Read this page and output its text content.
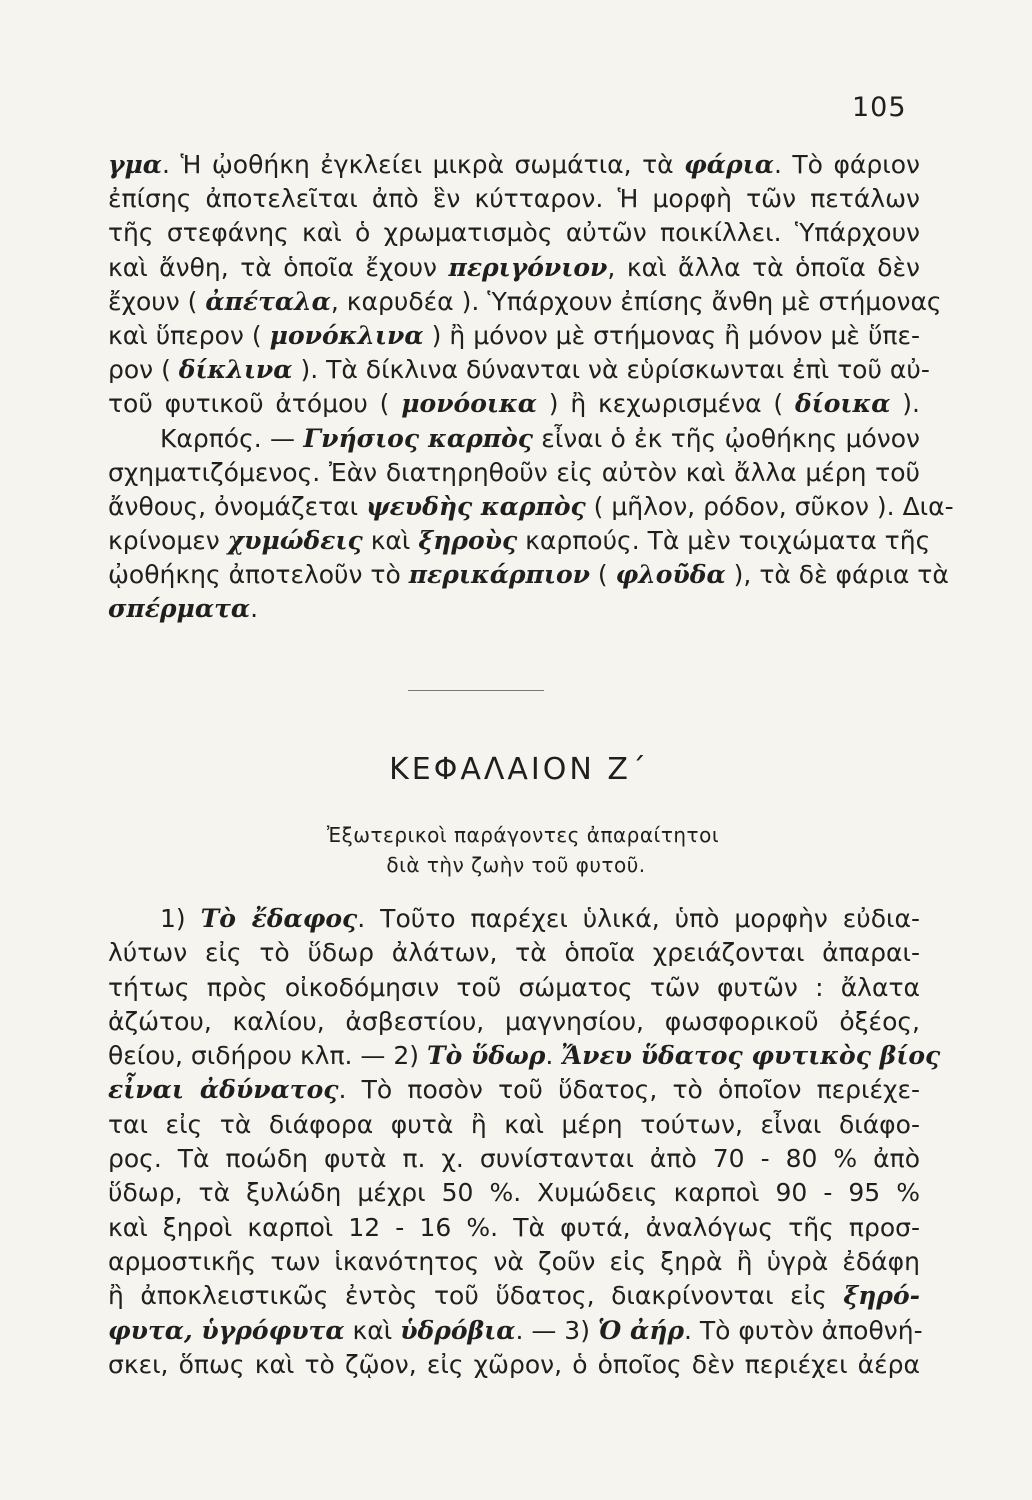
105
γμα. Ἡ ᾠοθήκη ἐγκλείει μικρὰ σωμάτια, τὰ φάρια. Τὸ φάριον
ἐπίσης ἀποτελεῖται ἀπὸ ἓν κύτταρον. Ἡ μορφὴ τῶν πετάλων
τῆς στεφάνης καὶ ὁ χρωματισμὸς αὐτῶν ποικίλλει. Ὑπάρχουν
καὶ ἄνθη, τὰ ὁποῖα ἔχουν περιγόνιον, καὶ ἄλλα τὰ ὁποῖα δὲν
ἔχουν ( ἀπέταλα, καρυδέα ). Ὑπάρχουν ἐπίσης ἄνθη μὲ στήμονας
καὶ ὕπερον ( μονόκλινα ) ἢ μόνον μὲ στήμονας ἢ μόνον μὲ ὕπε-
ρον ( δίκλινα ). Τὰ δίκλινα δύνανται νὰ εὑρίσκωνται ἐπὶ τοῦ αὐ-
τοῦ φυτικοῦ ἀτόμου ( μονόοικα ) ἢ κεχωρισμένα ( δίοικα ).
Καρπός. — Γνήσιος καρπὸς εἶναι ὁ ἐκ τῆς ᾠοθήκης μόνον
σχηματιζόμενος. Ἐὰν διατηρηθοῦν εἰς αὐτὸν καὶ ἄλλα μέρη τοῦ
ἄνθους, ὀνομάζεται ψευδὴς καρπὸς ( μῆλον, ρόδον, σῦκον ). Δια-
κρίνομεν χυμώδεις καὶ ξηροὺς καρπούς. Τὰ μὲν τοιχώματα τῆς
ᾠοθήκης ἀποτελοῦν τὸ περικάρπιον ( φλοῦδα ), τὰ δὲ φάρια τὰ
σπέρματα.
ΚΕΦΑΛΑΙΟΝ Ζ΄
Ἐξωτερικοὶ παράγοντες ἀπαραίτητοι
διὰ τὴν ζωὴν τοῦ φυτοῦ.
1) Τὸ ἔδαφος. Τοῦτο παρέχει ὑλικά, ὑπὸ μορφὴν εὐδια-
λύτων εἰς τὸ ὕδωρ ἀλάτων, τὰ ὁποῖα χρειάζονται ἀπαραι-
τήτως πρὸς οἰκοδόμησιν τοῦ σώματος τῶν φυτῶν : ἄλατα
ἀζώτου, καλίου, ἀσβεστίου, μαγνησίου, φωσφορικοῦ ὀξέος,
θείου, σιδήρου κλπ. — 2) Τὸ ὕδωρ. Ἄνευ ὕδατος φυτικὸς βίος
εἶναι ἀδύνατος. Τὸ ποσὸν τοῦ ὕδατος, τὸ ὁποῖον περιέχε-
ται εἰς τὰ διάφορα φυτὰ ἢ καὶ μέρη τούτων, εἶναι διάφο-
ρος. Τὰ ποώδη φυτὰ π. χ. συνίστανται ἀπὸ 70 - 80 % ἀπὸ
ὕδωρ, τὰ ξυλώδη μέχρι 50 %. Χυμώδεις καρποὶ 90 - 95 %
καὶ ξηροὶ καρποὶ 12 - 16 %. Τὰ φυτά, ἀναλόγως τῆς προσ-
αρμοστικῆς των ἱκανότητος νὰ ζοῦν εἰς ξηρὰ ἢ ὑγρὰ ἐδάφη
ἢ ἀποκλειστικῶς ἐντὸς τοῦ ὕδατος, διακρίνονται εἰς ξηρό-
φυτα, ὑγρόφυτα καὶ ὑδρόβια. — 3) Ὁ ἀήρ. Τὸ φυτὸν ἀποθνή-
σκει, ὅπως καὶ τὸ ζῷον, εἰς χῶρον, ὁ ὁποῖος δὲν περιέχει ἀέρα
